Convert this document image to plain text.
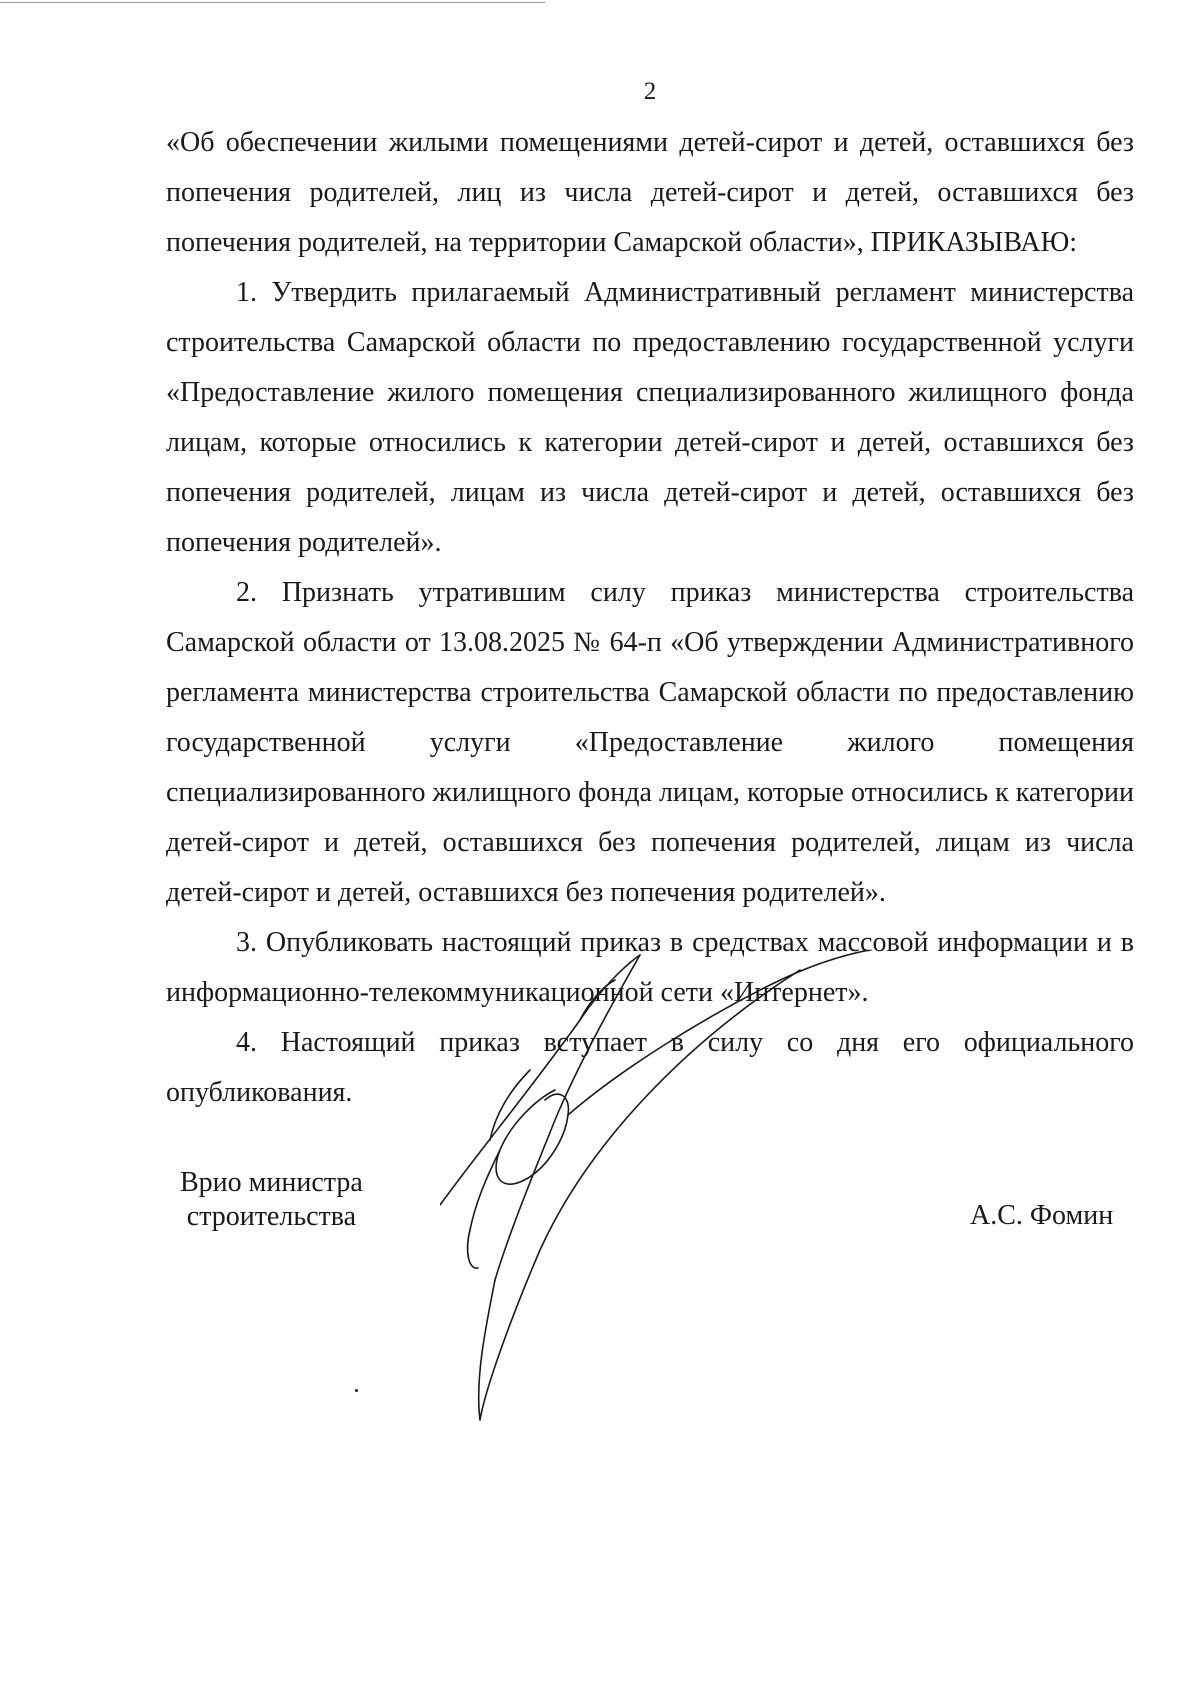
2

«Об обеспечении жилыми помещениями детей-сирот и детей, оставшихся без попечения родителей, лиц из числа детей-сирот и детей, оставшихся без попечения родителей, на территории Самарской области», ПРИКАЗЫВАЮ:

1. Утвердить прилагаемый Административный регламент министерства строительства Самарской области по предоставлению государственной услуги «Предоставление жилого помещения специализированного жилищного фонда лицам, которые относились к категории детей-сирот и детей, оставшихся без попечения родителей, лицам из числа детей-сирот и детей, оставшихся без попечения родителей».

2. Признать утратившим силу приказ министерства строительства Самарской области от 13.08.2025 № 64-п «Об утверждении Административного регламента министерства строительства Самарской области по предоставлению государственной услуги «Предоставление жилого помещения специализированного жилищного фонда лицам, которые относились к категории детей-сирот и детей, оставшихся без попечения родителей, лицам из числа детей-сирот и детей, оставшихся без попечения родителей».

3. Опубликовать настоящий приказ в средствах массовой информации и в информационно-телекоммуникационной сети «Интернет».

4. Настоящий приказ вступает в силу со дня его официального опубликования.

Врио министра
строительства	А.С. Фомин
